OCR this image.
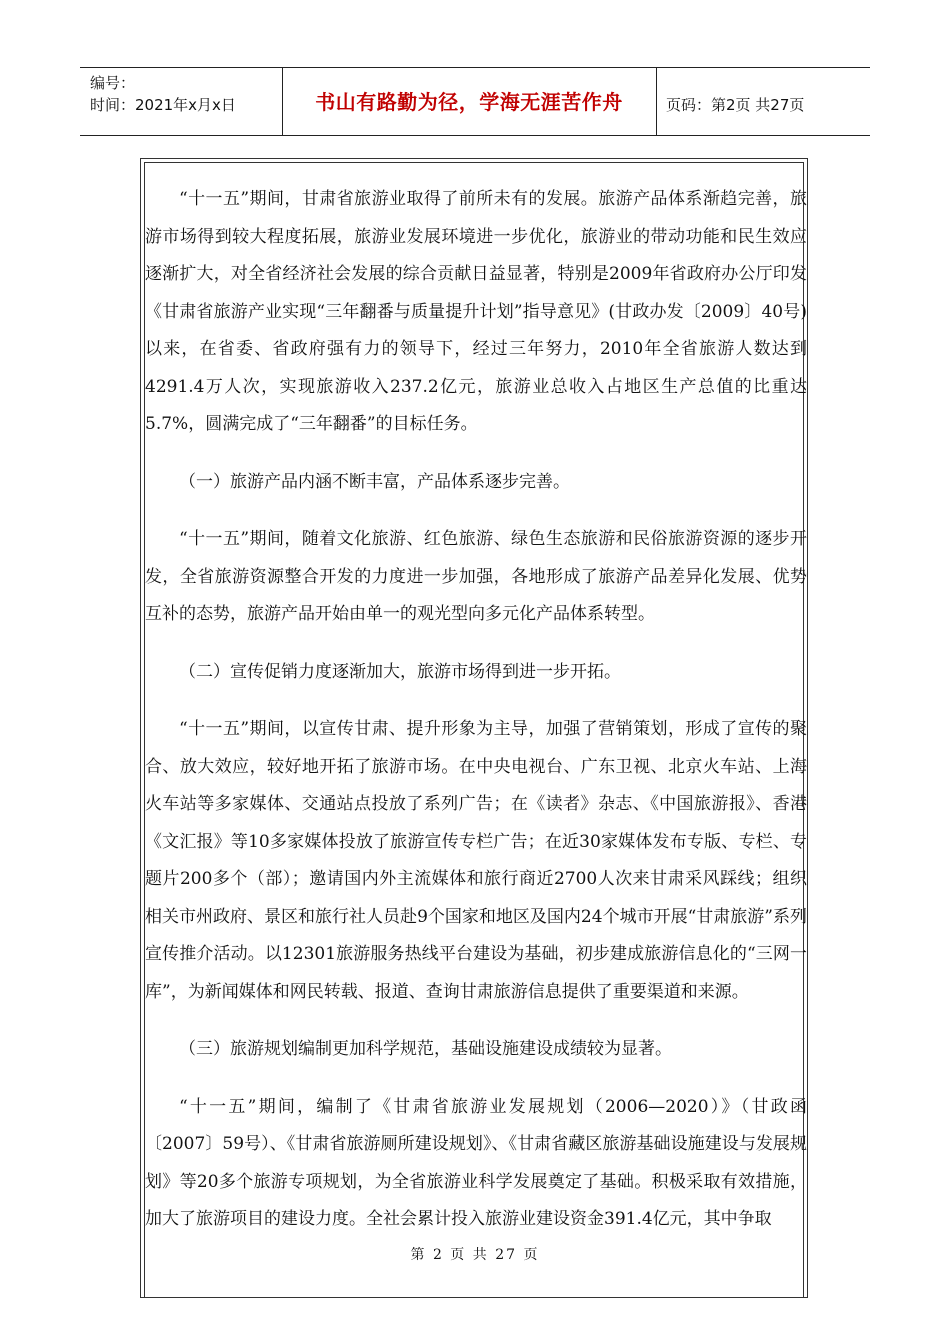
编号：
时间：2021年x月x日	书山有路勤为径，学海无涯苦作舟	页码：第2页 共27页

“十一五”期间，甘肃省旅游业取得了前所未有的发展。旅游产品体系渐趋完善，旅游市场得到较大程度拓展，旅游业发展环境进一步优化，旅游业的带动功能和民生效应逐渐扩大，对全省经济社会发展的综合贡献日益显著，特别是2009年省政府办公厅印发《甘肃省旅游产业实现“三年翻番与质量提升计划”指导意见》(甘政办发〔2009〕40号)以来，在省委、省政府强有力的领导下，经过三年努力，2010年全省旅游人数达到4291.4万人次，实现旅游收入237.2亿元，旅游业总收入占地区生产总值的比重达5.7%，圆满完成了“三年翻番”的目标任务。

（一）旅游产品内涵不断丰富，产品体系逐步完善。

“十一五”期间，随着文化旅游、红色旅游、绿色生态旅游和民俗旅游资源的逐步开发，全省旅游资源整合开发的力度进一步加强，各地形成了旅游产品差异化发展、优势互补的态势，旅游产品开始由单一的观光型向多元化产品体系转型。

（二）宣传促销力度逐渐加大，旅游市场得到进一步开拓。

“十一五”期间，以宣传甘肃、提升形象为主导，加强了营销策划，形成了宣传的聚合、放大效应，较好地开拓了旅游市场。在中央电视台、广东卫视、北京火车站、上海火车站等多家媒体、交通站点投放了系列广告；在《读者》杂志、《中国旅游报》、香港《文汇报》等10多家媒体投放了旅游宣传专栏广告；在近30家媒体发布专版、专栏、专题片200多个（部）；邀请国内外主流媒体和旅行商近2700人次来甘肃采风踩线；组织相关市州政府、景区和旅行社人员赴9个国家和地区及国内24个城市开展“甘肃旅游”系列宣传推介活动。以12301旅游服务热线平台建设为基础，初步建成旅游信息化的“三网一库”，为新闻媒体和网民转载、报道、查询甘肃旅游信息提供了重要渠道和来源。

（三）旅游规划编制更加科学规范，基础设施建设成绩较为显著。

“十一五”期间，编制了《甘肃省旅游业发展规划（2006—2020）》（甘政函〔2007〕59号）、《甘肃省旅游厕所建设规划》、《甘肃省藏区旅游基础设施建设与发展规划》等20多个旅游专项规划，为全省旅游业科学发展奠定了基础。积极采取有效措施，加大了旅游项目的建设力度。全社会累计投入旅游业建设资金391.4亿元，其中争取

第 2 页 共 27 页
